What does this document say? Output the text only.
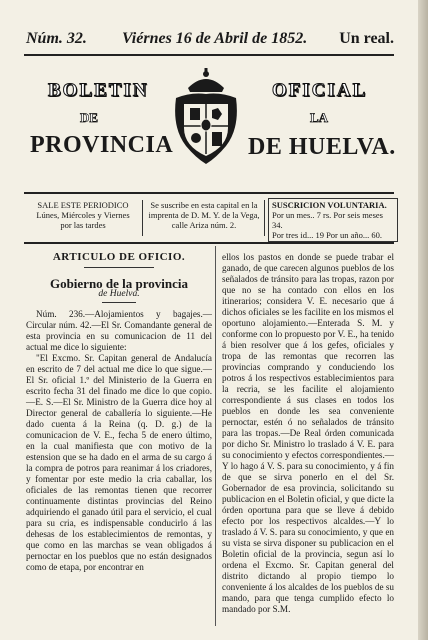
Núm. 32. Viérnes 16 de Abril de 1852. Un real.
BOLETIN	OFICIAL
DE	LA
PROVINCIA	DE HUELVA.
SALE ESTE PERIODICO
Lúnes, Miércoles y Viernes
por las tardes
Se suscribe en esta capital en la
imprenta de D. M. Y. de la Vega,
calle Ariza núm. 2.
SUSCRICION VOLUNTARIA.
Por un mes.. 7 rs. Por seis meses 34.
Por tres id... 19 Por un año... 60.
ARTICULO DE OFICIO.
Gobierno de la provincia
de Huelva.

Núm. 236.—Alojamientos y bagajes.—Circular núm. 42.—El Sr. Comandante general de esta provincia en su comunicacion de 11 del actual me dice lo siguiente:

"El Excmo. Sr. Capitan general de Andalucía en escrito de 7 del actual me dice lo que sigue.—El Sr. oficial 1.º del Ministerio de la Guerra en escrito fecha 31 del finado me dice lo que copio.—E. S.—El Sr. Ministro de la Guerra dice hoy al Director general de caballería lo siguiente.—He dado cuenta á la Reina (q. D. g.) de la comunicacion de V. E., fecha 5 de enero último, en la cual manifiesta que con motivo de la estension que se ha dado en el arma de su cargo á la compra de potros para reanimar á los criadores, y fomentar por este medio la cria caballar, los oficiales de las remontas tienen que recorrer continuamente distintas provincias del Reino adquiriendo el ganado útil para el servicio, el cual para su cria, es indispensable conducirlo á las dehesas de los establecimientos de remontas, y que como en las marchas se vean obligados á pernoctar en los pueblos que no están designados como de etapa, por encontrar en

ellos los pastos en donde se puede trabar el ganado, de que carecen algunos pueblos de los señalados de tránsito para las tropas, razon por que no se ha contado con ellos en los itinerarios; considera V. E. necesario que á dichos oficiales se les facilite en los mismos el oportuno alojamiento.—Enterada S. M. y conforme con lo propuesto por V. E., ha tenido á bien resolver que á los gefes, oficiales y tropa de las remontas que recorren las provincias comprando y conduciendo los potros á los respectivos establecimientos para la recria, se les facilite el alojamiento correspondiente á sus clases en todos los pueblos en donde les sea conveniente pernoctar, estén ó no señalados de tránsito para las tropas.—De Real órden comunicada por dicho Sr. Ministro lo traslado á V. E. para su conocimiento y efectos correspondientes.—Y lo hago á V. S. para su conocimiento, y á fin de que se sirva ponerlo en el del Sr. Gobernador de esa provincia, solicitando su publicacion en el Boletin oficial, y que dicte la órden oportuna para que se lleve á debido efecto por los respectivos alcaldes.—Y lo traslado á V. S. para su conocimiento, y que en su vista se sirva disponer su publicacion en el Boletin oficial de la provincia, segun así lo ordena el Excmo. Sr. Capitan general del distrito dictando al propio tiempo lo conveniente á los alcaldes de los pueblos de su mando, para que tenga cumplido efecto lo mandado por S.M.
